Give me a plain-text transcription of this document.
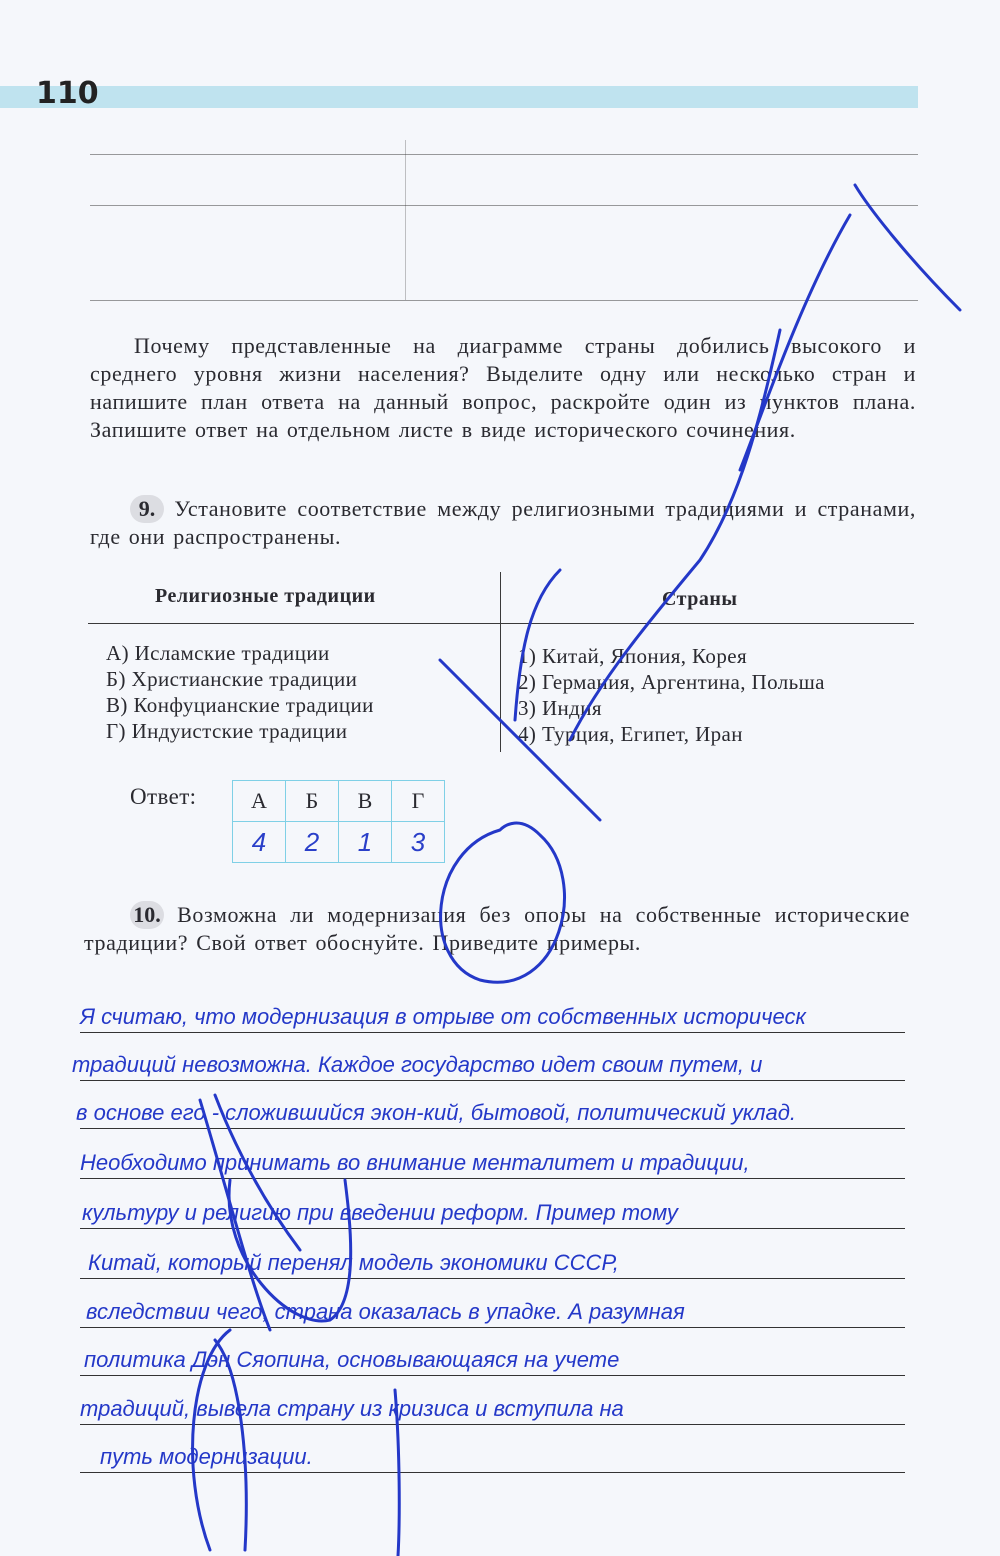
110
Почему представленные на диаграмме страны добились высокого и среднего уровня жизни населения? Выделите одну или несколько стран и напишите план ответа на данный вопрос, раскройте один из пунктов плана. Запишите ответ на отдельном листе в виде исторического сочинения.
9. Установите соответствие между религиозными традициями и странами, где они распространены.
Религиозные традиции	Страны
А) Исламские традиции
Б) Христианские традиции
В) Конфуцианские традиции
Г) Индуистские традиции
1) Китай, Япония, Корея
2) Германия, Аргентина, Польша
3) Индия
4) Турция, Египет, Иран
Ответ: А	Б	В	Г
4	2	1	3
10. Возможна ли модернизация без опоры на собственные исторические традиции? Свой ответ обоснуйте. Приведите примеры.
Я считаю, что модернизация в отрыве от собственных историческ
традиций невозможна. Каждое государство идет своим путем, и
в основе его - сложившийся экон-кий, бытовой, политический уклад.
Необходимо принимать во внимание менталитет и традиции,
культуру и религию при введении реформ. Пример тому
Китай, который перенял модель экономики СССР,
вследствии чего, страна оказалась в упадке. А разумная
политика Дэн Сяопина, основывающаяся на учете
традиций, вывела страну из кризиса и вступила на
путь модернизации.
